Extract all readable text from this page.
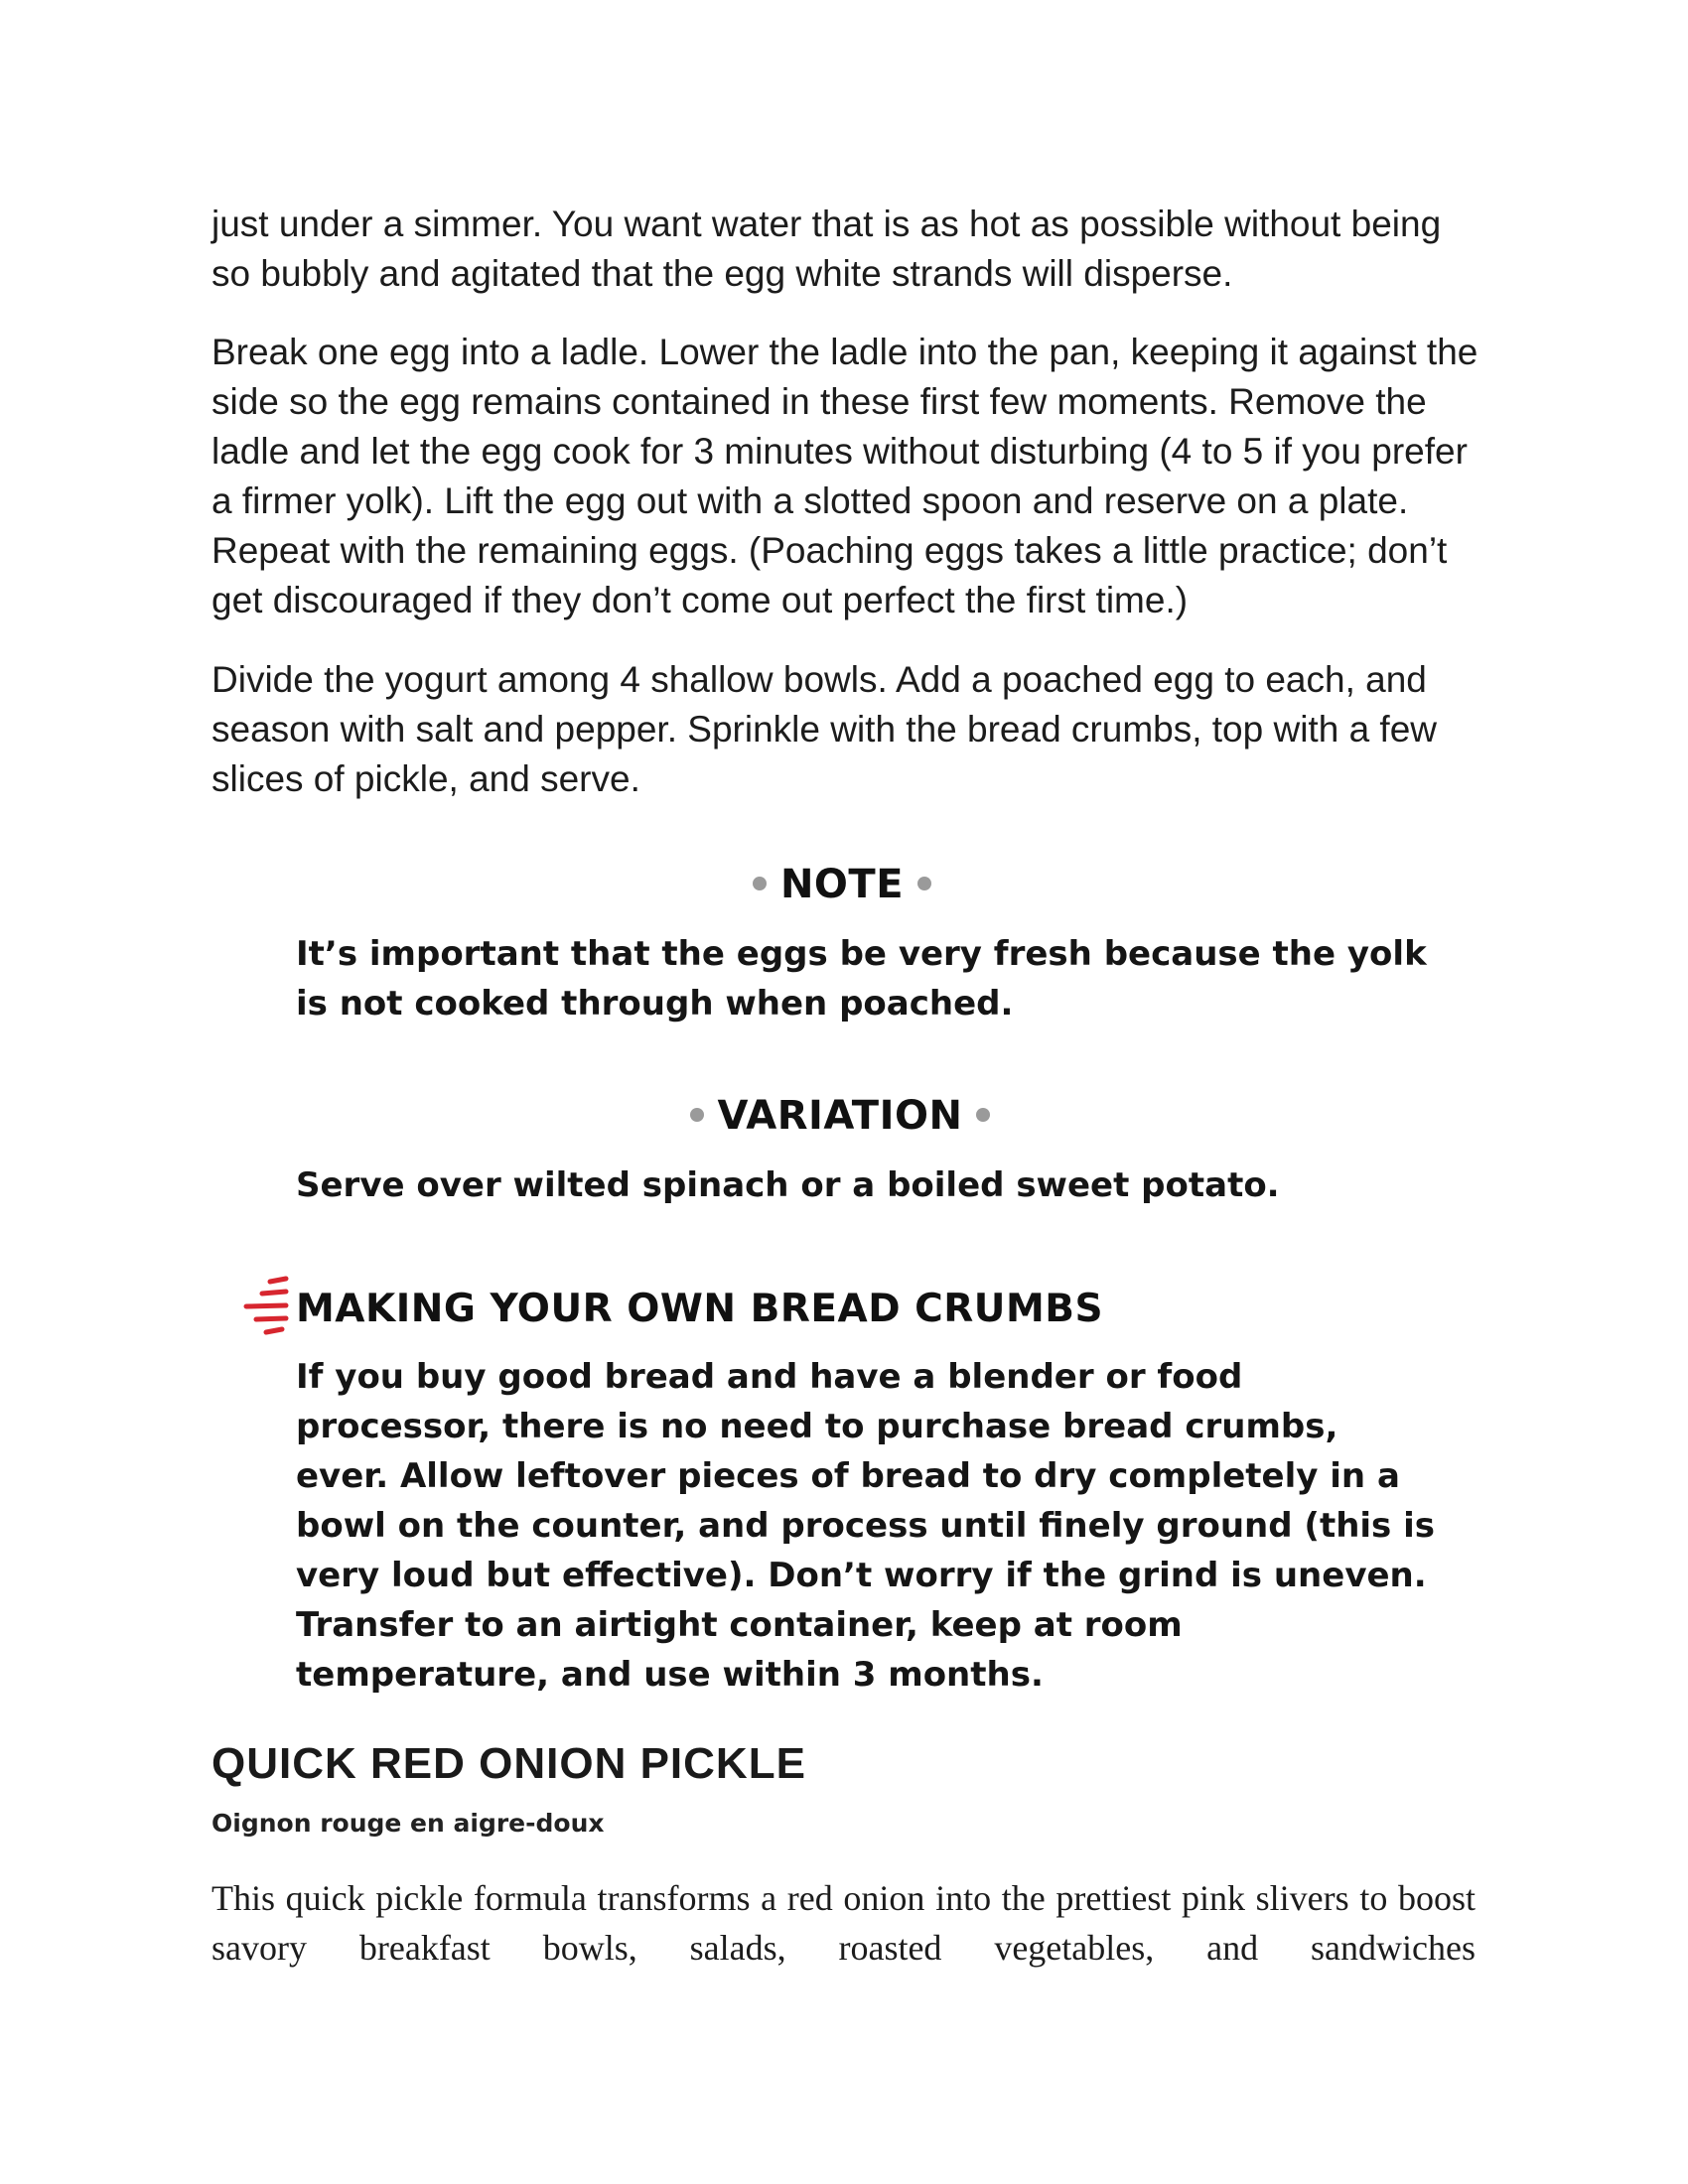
just under a simmer. You want water that is as hot as possible without being so bubbly and agitated that the egg white strands will disperse.

Break one egg into a ladle. Lower the ladle into the pan, keeping it against the side so the egg remains contained in these first few moments. Remove the ladle and let the egg cook for 3 minutes without disturbing (4 to 5 if you prefer a firmer yolk). Lift the egg out with a slotted spoon and reserve on a plate. Repeat with the remaining eggs. (Poaching eggs takes a little practice; don’t get discouraged if they don’t come out perfect the first time.)

Divide the yogurt among 4 shallow bowls. Add a poached egg to each, and season with salt and pepper. Sprinkle with the bread crumbs, top with a few slices of pickle, and serve.

NOTE

It’s important that the eggs be very fresh because the yolk is not cooked through when poached.

VARIATION

Serve over wilted spinach or a boiled sweet potato.

MAKING YOUR OWN BREAD CRUMBS

If you buy good bread and have a blender or food processor, there is no need to purchase bread crumbs, ever. Allow leftover pieces of bread to dry completely in a bowl on the counter, and process until finely ground (this is very loud but effective). Don’t worry if the grind is uneven. Transfer to an airtight container, keep at room temperature, and use within 3 months.

QUICK RED ONION PICKLE

Oignon rouge en aigre-doux

This quick pickle formula transforms a red onion into the prettiest pink slivers to boost savory breakfast bowls, salads, roasted vegetables, and sandwiches
